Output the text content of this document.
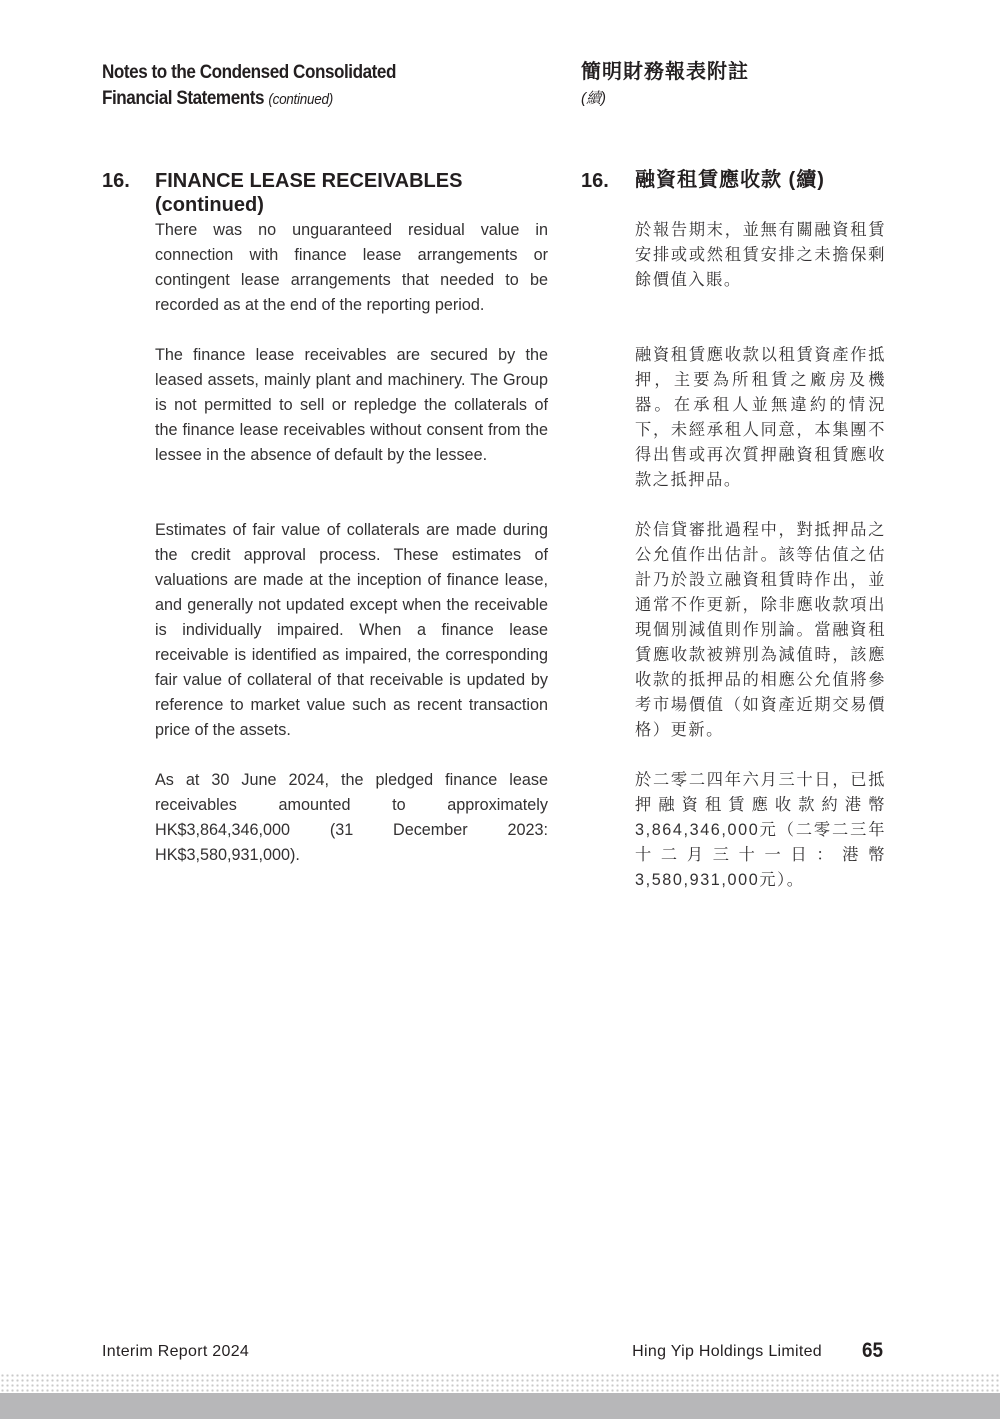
Notes to the Condensed Consolidated
Financial Statements (continued)
簡明財務報表附註
(續)
16. FINANCE LEASE RECEIVABLES
(continued)
16. 融資租賃應收款 (續)

There was no unguaranteed residual value in connection with finance lease arrangements or contingent lease arrangements that needed to be recorded as at the end of the reporting period.

The finance lease receivables are secured by the leased assets, mainly plant and machinery. The Group is not permitted to sell or repledge the collaterals of the finance lease receivables without consent from the lessee in the absence of default by the lessee.

Estimates of fair value of collaterals are made during the credit approval process. These estimates of valuations are made at the inception of finance lease, and generally not updated except when the receivable is individually impaired. When a finance lease receivable is identified as impaired, the corresponding fair value of collateral of that receivable is updated by reference to market value such as recent transaction price of the assets.

As at 30 June 2024, the pledged finance lease receivables amounted to approximately HK$3,864,346,000 (31 December 2023: HK$3,580,931,000).

於報告期末，並無有關融資租賃安排或或然租賃安排之未擔保剩餘價值入賬。

融資租賃應收款以租賃資產作抵押，主要為所租賃之廠房及機器。在承租人並無違約的情況下，未經承租人同意，本集團不得出售或再次質押融資租賃應收款之抵押品。

於信貸審批過程中，對抵押品之公允值作出估計。該等估值之估計乃於設立融資租賃時作出，並通常不作更新，除非應收款項出現個別減值則作別論。當融資租賃應收款被辨別為減值時，該應收款的抵押品的相應公允值將參考市場價值（如資產近期交易價格）更新。

於二零二四年六月三十日，已抵押融資租賃應收款約港幣3,864,346,000元（二零二三年十二月三十一日：港幣3,580,931,000元）。

Interim Report 2024	Hing Yip Holdings Limited 65
